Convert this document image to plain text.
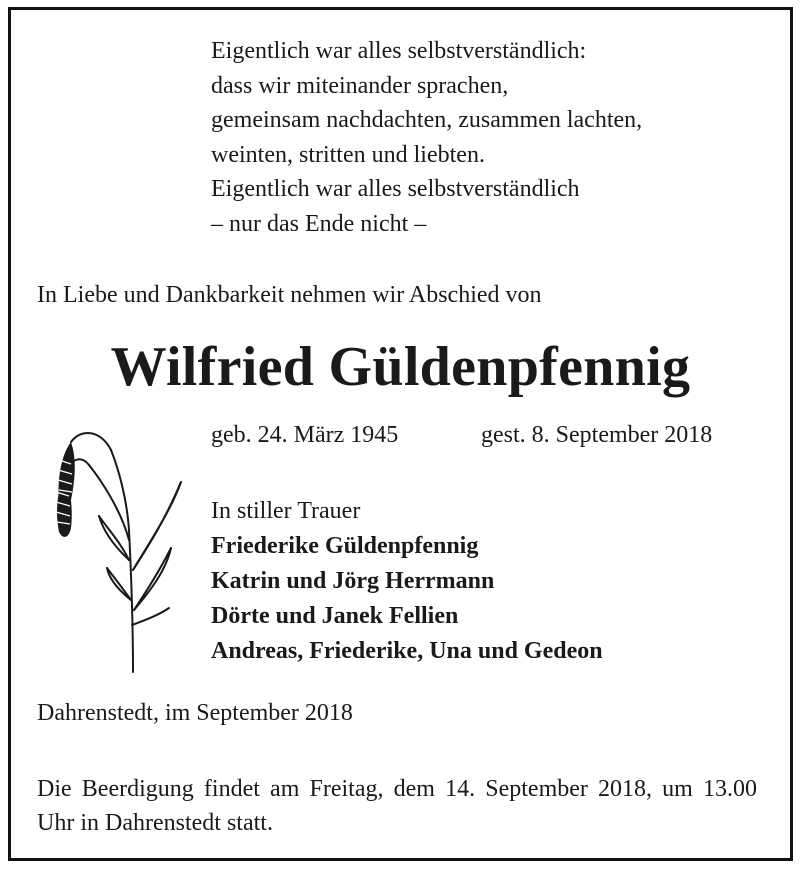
Eigentlich war alles selbstverständlich:
dass wir miteinander sprachen,
gemeinsam nachdachten, zusammen lachten,
weinten, stritten und liebten.
Eigentlich war alles selbstverständlich
– nur das Ende nicht –
In Liebe und Dankbarkeit nehmen wir Abschied von
Wilfried Güldenpfennig
geb. 24. März 1945	gest. 8. September 2018
In stiller Trauer
Friederike Güldenpfennig
Katrin und Jörg Herrmann
Dörte und Janek Fellien
Andreas, Friederike, Una und Gedeon
Dahrenstedt, im September 2018
Die Beerdigung findet am Freitag, dem 14. September 2018, um 13.00 Uhr in Dahrenstedt statt.
